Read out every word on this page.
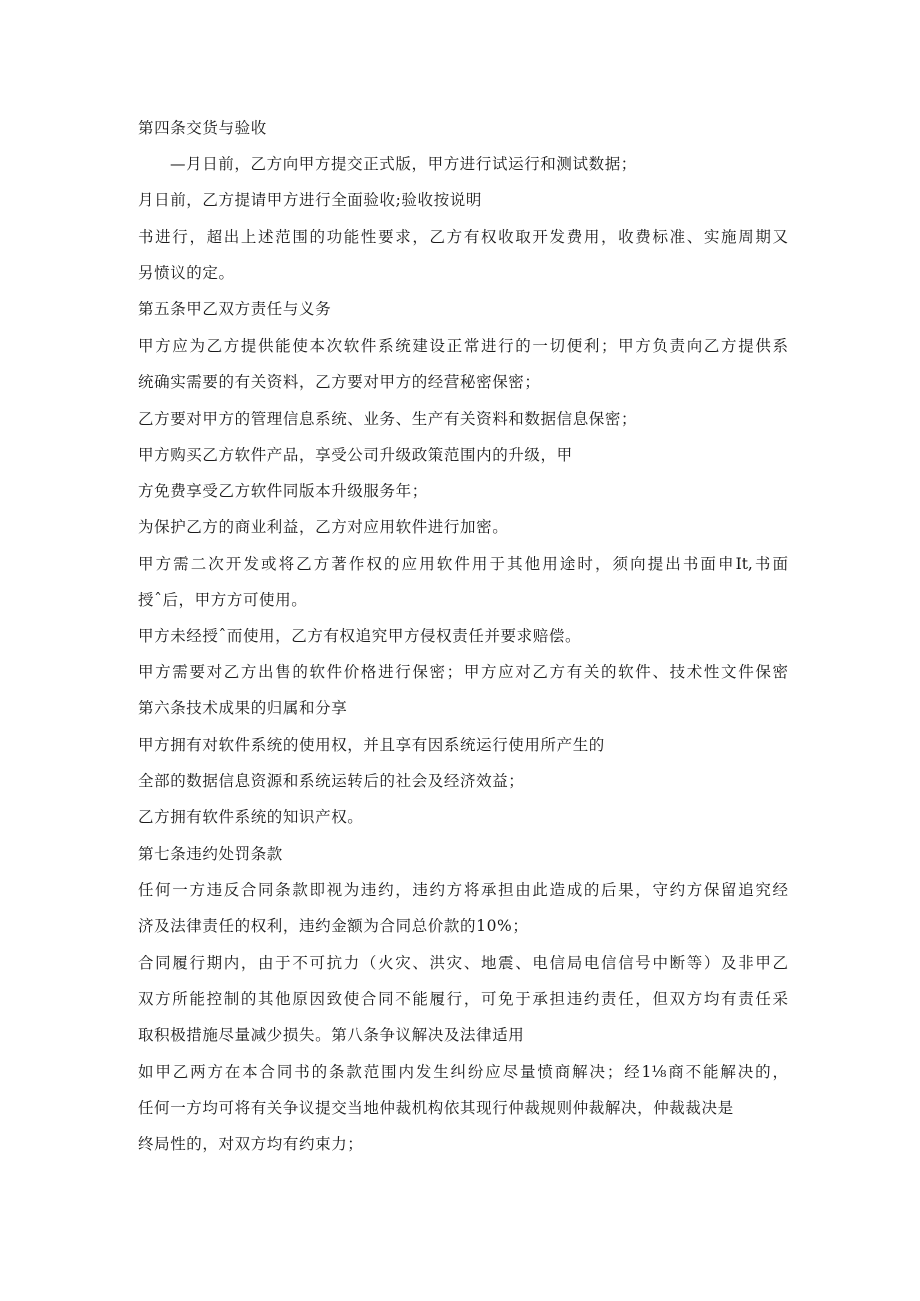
第四条交货与验收

—月日前，乙方向甲方提交正式版，甲方进行试运行和测试数据；

月日前，乙方提请甲方进行全面验收;验收按说明

书进行，超出上述范围的功能性要求，乙方有权收取开发费用，收费标准、实施周期又

另愤议的定。

第五条甲乙双方责任与义务

甲方应为乙方提供能使本次软件系统建设正常进行的一切便利；甲方负责向乙方提供系

统确实需要的有关资料，乙方要对甲方的经营秘密保密；

乙方要对甲方的管理信息系统、业务、生产有关资料和数据信息保密；

甲方购买乙方软件产品，享受公司升级政策范围内的升级，甲

方免费享受乙方软件同版本升级服务年；

为保护乙方的商业利益，乙方对应用软件进行加密。

甲方需二次开发或将乙方著作权的应用软件用于其他用途时，须向提出书面申It,书面

授ˆ后，甲方方可使用。

甲方未经授ˆ而使用，乙方有权追究甲方侵权责任并要求赔偿。

甲方需要对乙方出售的软件价格进行保密；甲方应对乙方有关的软件、技术性文件保密

第六条技术成果的归属和分享

甲方拥有对软件系统的使用权，并且享有因系统运行使用所产生的

全部的数据信息资源和系统运转后的社会及经济效益；

乙方拥有软件系统的知识产权。

第七条违约处罚条款

任何一方违反合同条款即视为违约，违约方将承担由此造成的后果，守约方保留追究经

济及法律责任的权利，违约金额为合同总价款的10%；

合同履行期内，由于不可抗力（火灾、洪灾、地震、电信局电信信号中断等）及非甲乙

双方所能控制的其他原因致使合同不能履行，可免于承担违约责任，但双方均有责任采

取积极措施尽量减少损失。第八条争议解决及法律适用

如甲乙两方在本合同书的条款范围内发生纠纷应尽量愤商解决；经1⅛商不能解决的，

任何一方均可将有关争议提交当地仲裁机构依其现行仲裁规则仲裁解决，仲裁裁决是

终局性的，对双方均有约束力；
